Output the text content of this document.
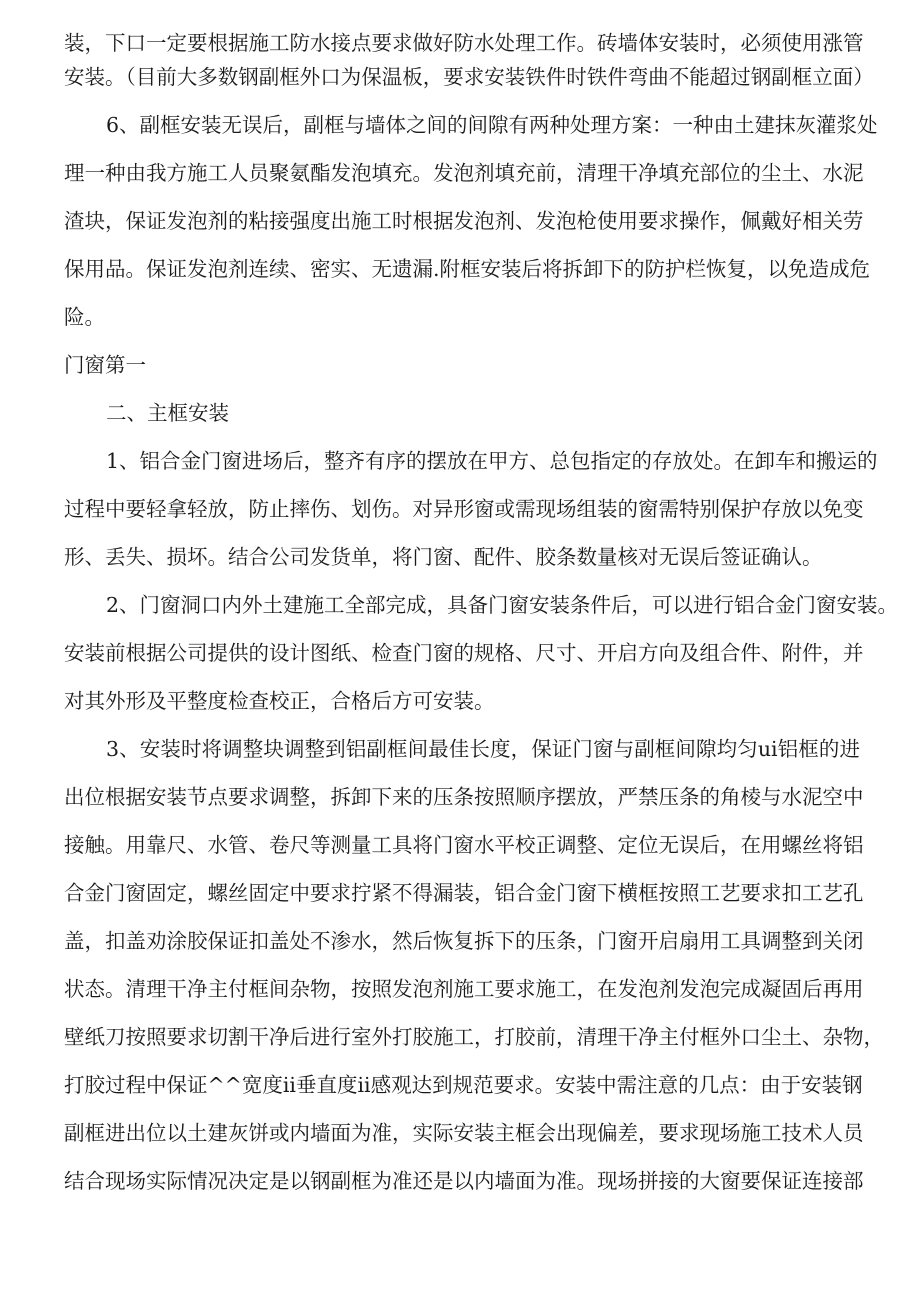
装，下口一定要根据施工防水接点要求做好防水处理工作。砖墙体安装时，必须使用涨管

安装。（目前大多数钢副框外口为保温板，要求安装铁件时铁件弯曲不能超过钢副框立面）

6、副框安装无误后，副框与墙体之间的间隙有两种处理方案：一种由土建抹灰灌浆处

理一种由我方施工人员聚氨酯发泡填充。发泡剂填充前，清理干净填充部位的尘土、水泥

渣块，保证发泡剂的粘接强度出施工时根据发泡剂、发泡枪使用要求操作，佩戴好相关劳

保用品。保证发泡剂连续、密实、无遗漏.附框安装后将拆卸下的防护栏恢复，以免造成危

险。

门窗第一

二、主框安装

1、铝合金门窗进场后，整齐有序的摆放在甲方、总包指定的存放处。在卸车和搬运的

过程中要轻拿轻放，防止摔伤、划伤。对异形窗或需现场组装的窗需特别保护存放以免变

形、丢失、损坏。结合公司发货单，将门窗、配件、胶条数量核对无误后签证确认。

2、门窗洞口内外土建施工全部完成，具备门窗安装条件后，可以进行铝合金门窗安装。

安装前根据公司提供的设计图纸、检查门窗的规格、尺寸、开启方向及组合件、附件，并

对其外形及平整度检查校正，合格后方可安装。

3、安装时将调整块调整到铝副框间最佳长度，保证门窗与副框间隙均匀ui铝框的进

出位根据安装节点要求调整，拆卸下来的压条按照顺序摆放，严禁压条的角棱与水泥空中

接触。用靠尺、水管、卷尺等测量工具将门窗水平校正调整、定位无误后，在用螺丝将铝

合金门窗固定，螺丝固定中要求拧紧不得漏装，铝合金门窗下横框按照工艺要求扣工艺孔

盖，扣盖劝涂胶保证扣盖处不渗水，然后恢复拆下的压条，门窗开启扇用工具调整到关闭

状态。清理干净主付框间杂物，按照发泡剂施工要求施工，在发泡剂发泡完成凝固后再用

壁纸刀按照要求切割干净后进行室外打胶施工，打胶前，清理干净主付框外口尘土、杂物，

打胶过程中保证^^宽度ii垂直度ii感观达到规范要求。安装中需注意的几点：由于安装钢

副框进出位以土建灰饼或内墙面为准，实际安装主框会出现偏差，要求现场施工技术人员

结合现场实际情况决定是以钢副框为准还是以内墙面为准。现场拼接的大窗要保证连接部
